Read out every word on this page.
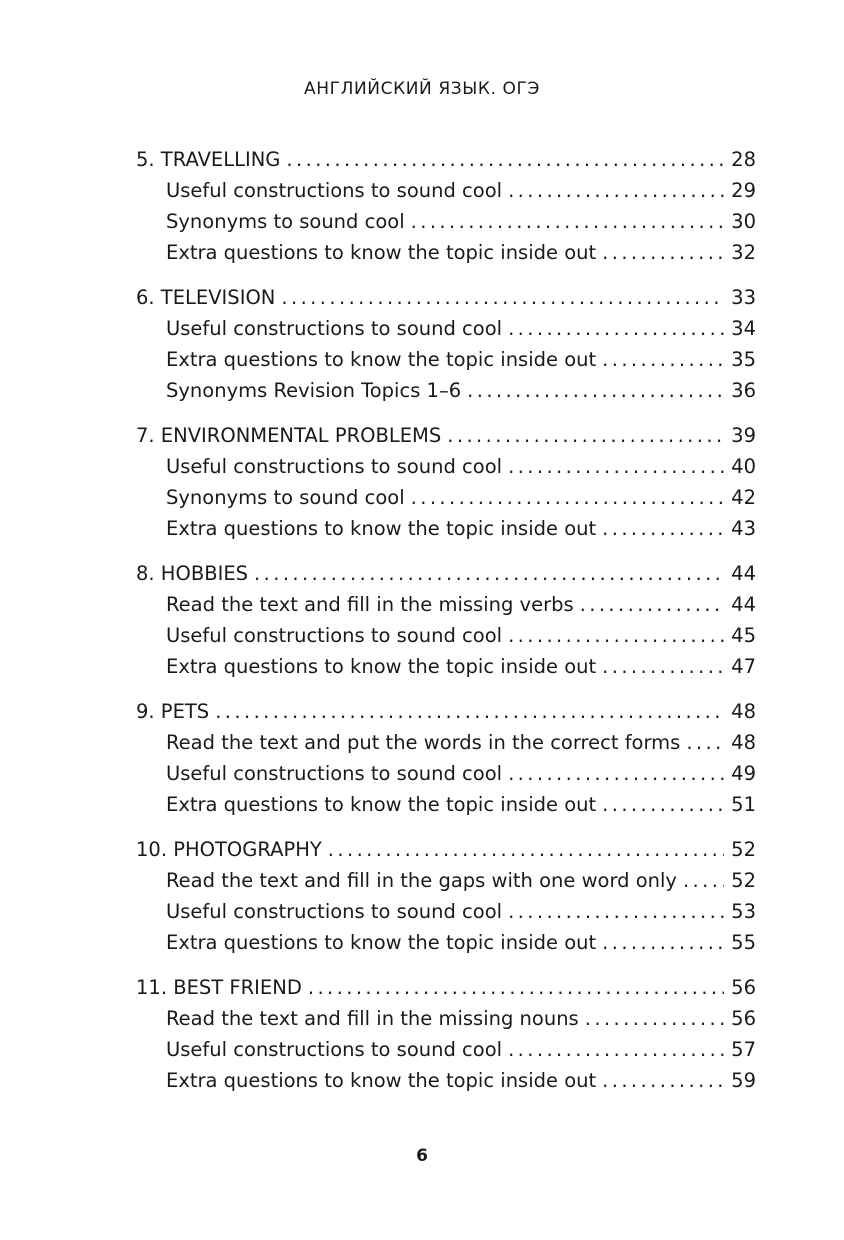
АНГЛИЙСКИЙ ЯЗЫК. ОГЭ
5. TRAVELLING . . .	28
Useful constructions to sound cool . . .	29
Synonyms to sound cool . . .	30
Extra questions to know the topic inside out . . .	32
6. TELEVISION . . .	33
Useful constructions to sound cool . . .	34
Extra questions to know the topic inside out . . .	35
Synonyms Revision Topics 1–6 . . .	36
7. ENVIRONMENTAL PROBLEMS . . .	39
Useful constructions to sound cool . . .	40
Synonyms to sound cool . . .	42
Extra questions to know the topic inside out . . .	43
8. HOBBIES . . .	44
Read the text and fill in the missing verbs . . .	44
Useful constructions to sound cool . . .	45
Extra questions to know the topic inside out . . .	47
9. PETS . . .	48
Read the text and put the words in the correct forms . . .	48
Useful constructions to sound cool . . .	49
Extra questions to know the topic inside out . . .	51
10. PHOTOGRAPHY . . .	52
Read the text and fill in the gaps with one word only . . .	52
Useful constructions to sound cool . . .	53
Extra questions to know the topic inside out . . .	55
11. BEST FRIEND . . .	56
Read the text and fill in the missing nouns . . .	56
Useful constructions to sound cool . . .	57
Extra questions to know the topic inside out . . .	59
6
